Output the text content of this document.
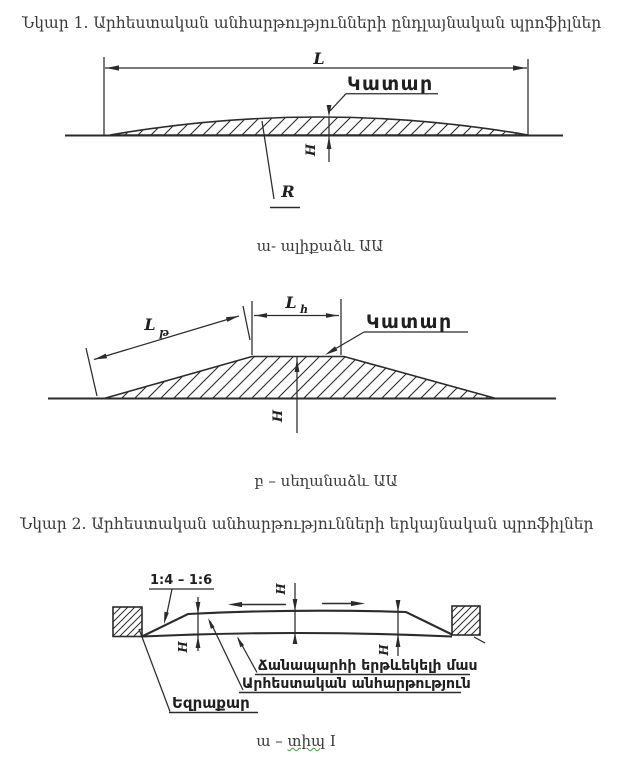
Նկար 1. Արհեստական անհարթությունների ընդլայնական պրոֆիլներ
L
Կատար
H
R
ա- ալիքաձև ԱԱ
L թ
L հ
Կատար
H
բ – սեղանաձև ԱԱ
Նկար 2. Արհեստական անհարթությունների երկայնական պրոֆիլներ
1:4 – 1:6
H
H
H
Ճանապարհի երթևեկելի մաս
Արհեստական անհարթություն
Եզրաքար
ա – տիպ I
